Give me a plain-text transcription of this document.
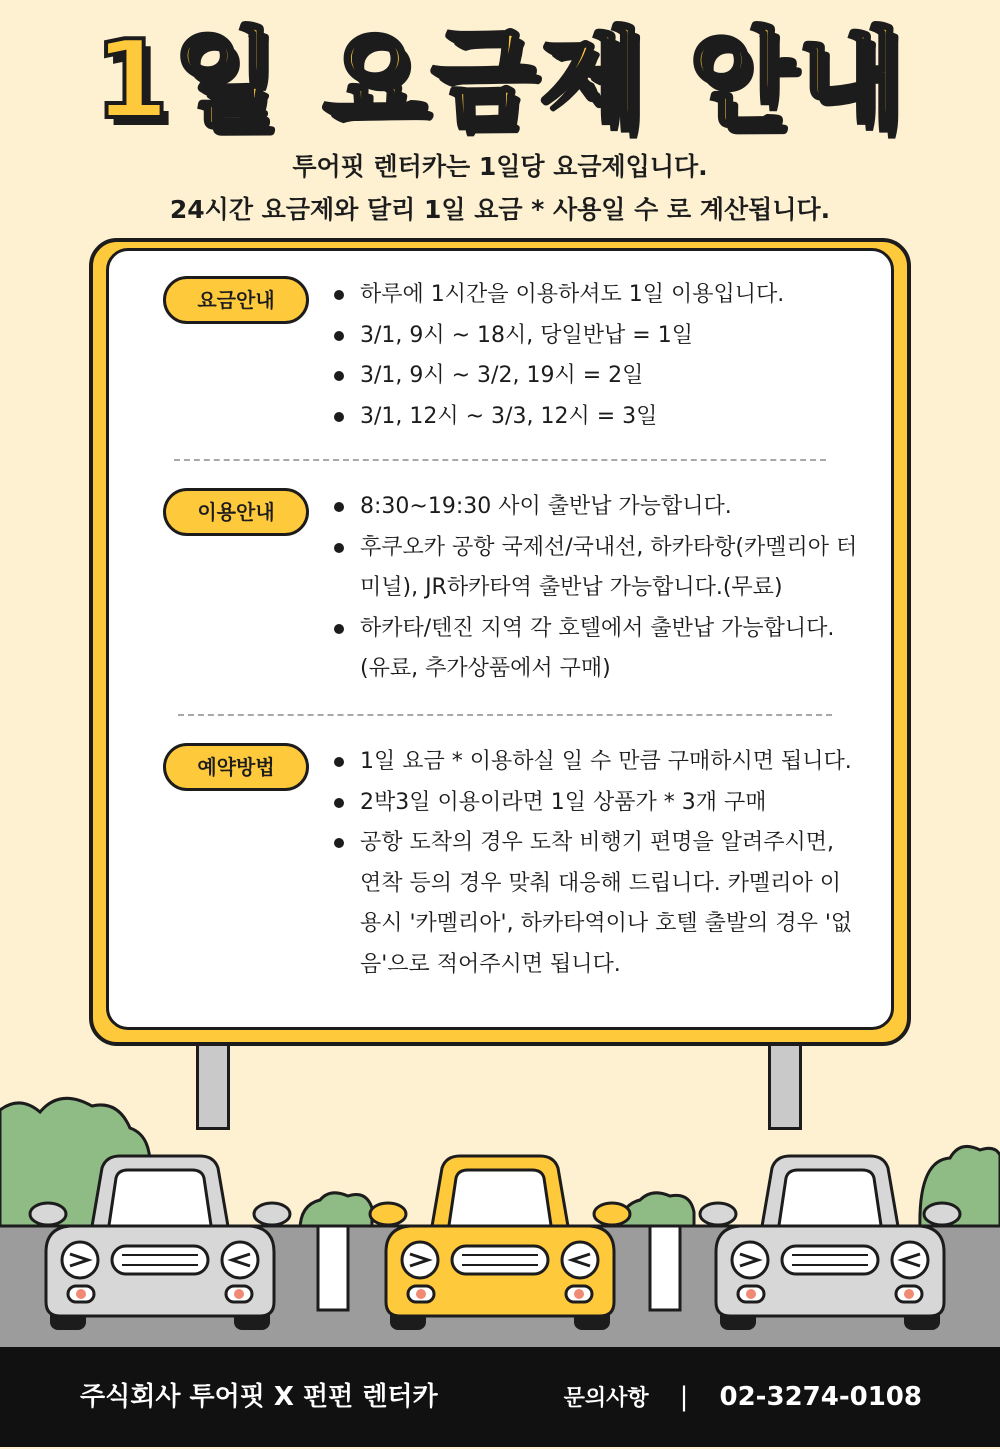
1일 요금제 안내

투어핏 렌터카는 1일당 요금제입니다.

24시간 요금제와 달리 1일 요금 * 사용일 수 로 계산됩니다.

요금안내	하루에 1시간을 이용하셔도 1일 이용입니다.
3/1, 9시 ~ 18시, 당일반납 = 1일
3/1, 9시 ~ 3/2, 19시 = 2일
3/1, 12시 ~ 3/3, 12시 = 3일
이용안내	8:30~19:30 사이 출반납 가능합니다.
후쿠오카 공항 국제선/국내선, 하카타항(카멜리아 터미널), JR하카타역 출반납 가능합니다.(무료)
하카타/텐진 지역 각 호텔에서 출반납 가능합니다. (유료, 추가상품에서 구매)
예약방법	1일 요금 * 이용하실 일 수 만큼 구매하시면 됩니다.
2박3일 이용이라면 1일 상품가 * 3개 구매
공항 도착의 경우 도착 비행기 편명을 알려주시면, 연착 등의 경우 맞춰 대응해 드립니다. 카멜리아 이용시 '카멜리아', 하카타역이나 호텔 출발의 경우 '없음'으로 적어주시면 됩니다.
주식회사 투어핏 X 펀펀 렌터카	문의사항 | 02-3274-0108
